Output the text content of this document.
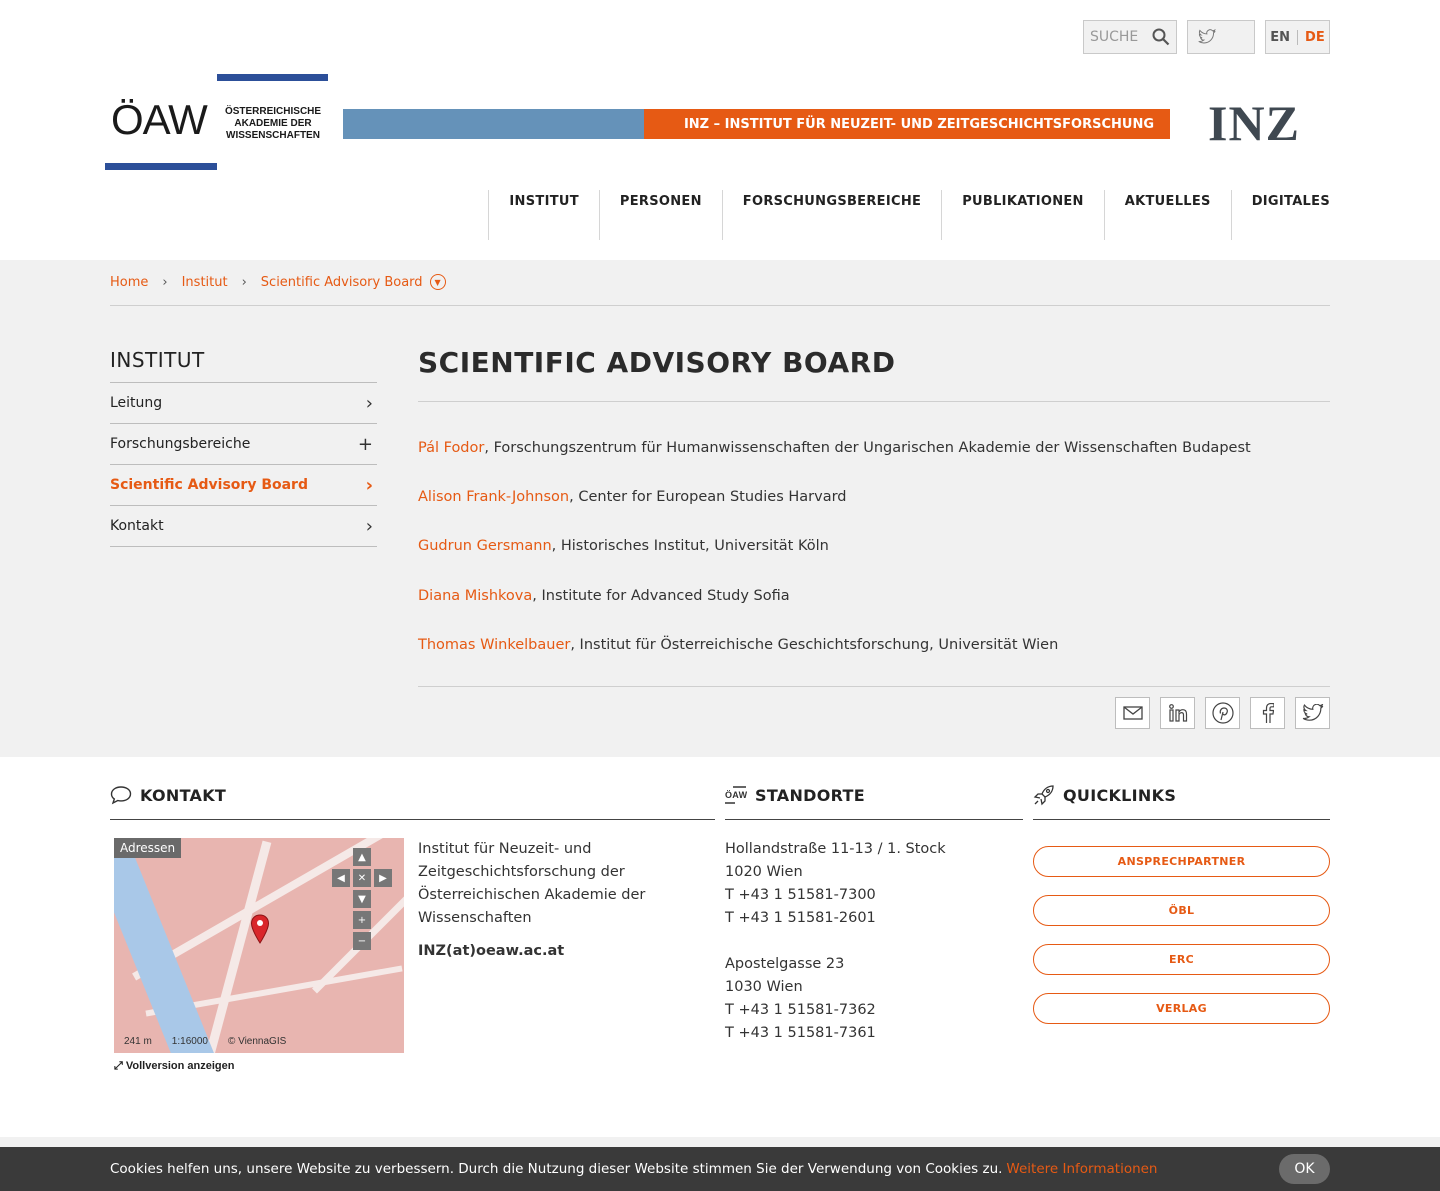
SUCHE	EN	DE
ÖAW ÖSTERREICHISCHE AKADEMIE DER WISSENSCHAFTEN
INZ – INSTITUT FÜR NEUZEIT- UND ZEITGESCHICHTSFORSCHUNG	INZ
INSTITUT	PERSONEN	FORSCHUNGSBEREICHE	PUBLIKATIONEN	AKTUELLES	DIGITALES
Home › Institut › Scientific Advisory Board	▼
INSTITUT
Leitung	›
Forschungsbereiche	+
Scientific Advisory Board	›
Kontakt	›
SCIENTIFIC ADVISORY BOARD

Pál Fodor, Forschungszentrum für Humanwissenschaften der Ungarischen Akademie der Wissenschaften Budapest

Alison Frank-Johnson, Center for European Studies Harvard

Gudrun Gersmann, Historisches Institut, Universität Köln

Diana Mishkova, Institute for Advanced Study Sofia

Thomas Winkelbauer, Institut für Österreichische Geschichtsforschung, Universität Wien

KONTAKT
Adressen
▲
◀	✕	▶
▼
+
−
241 m 1:16000 © ViennaGIS
⤢ Vollversion anzeigen
Institut für Neuzeit- und
Zeitgeschichtsforschung der
Österreichischen Akademie der
Wissenschaften
INZ(at)oeaw.ac.at
ÖAW STANDORTE
Hollandstraße 11-13 / 1. Stock
1020 Wien
T +43 1 51581-7300
T +43 1 51581-2601
Apostelgasse 23
1030 Wien
T +43 1 51581-7362
T +43 1 51581-7361
QUICKLINKS
ANSPRECHPARTNER
ÖBL
ERC
VERLAG
Cookies helfen uns, unsere Website zu verbessern. Durch die Nutzung dieser Website stimmen Sie der Verwendung von Cookies zu. Weitere Informationen	OK
